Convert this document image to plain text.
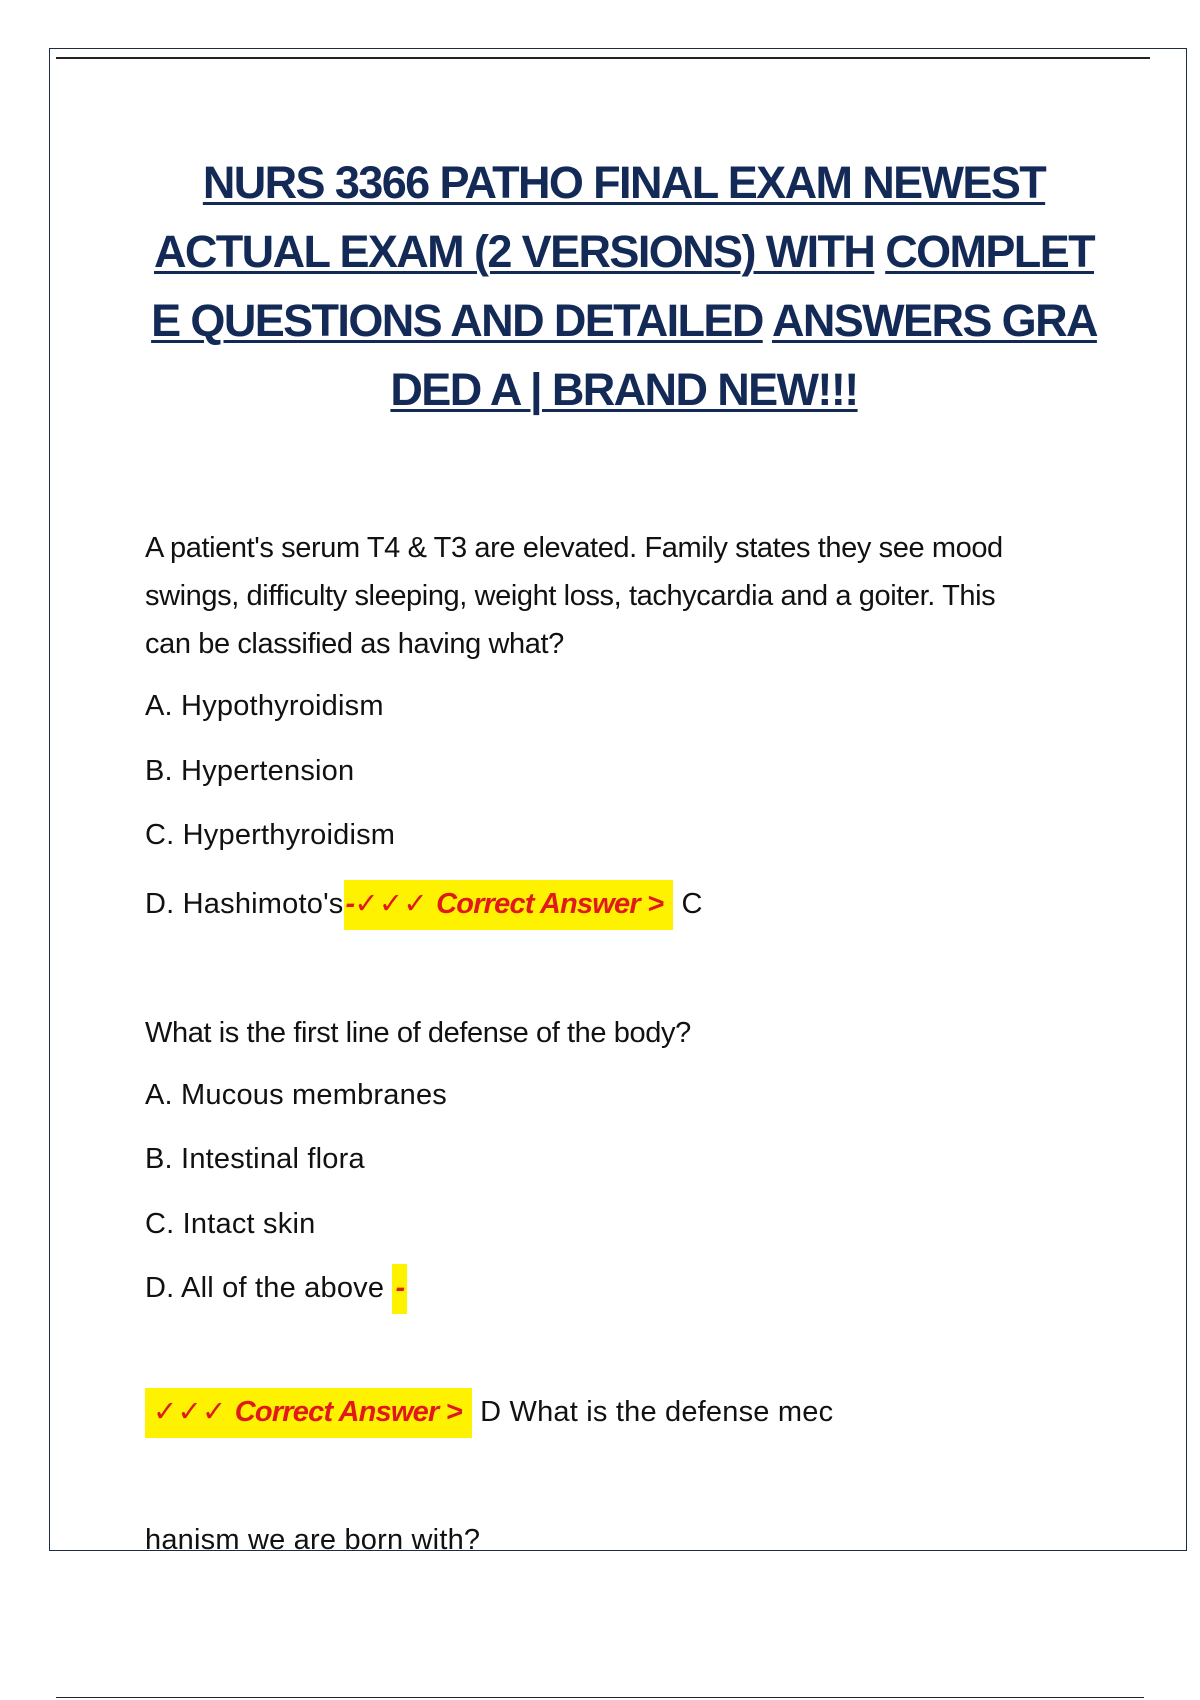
NURS 3366 PATHO FINAL EXAM NEWEST
ACTUAL EXAM (2 VERSIONS) WITH COMPLET
E QUESTIONS AND DETAILED ANSWERS GRA
DED A | BRAND NEW!!!

A patient's serum T4 & T3 are elevated. Family states they see mood

swings, difficulty sleeping, weight loss, tachycardia and a goiter. This

can be classified as having what?

A. Hypothyroidism

B. Hypertension

C. Hyperthyroidism

D. Hashimoto's-✓✓✓ Correct Answer > C

What is the first line of defense of the body?

A. Mucous membranes

B. Intestinal flora

C. Intact skin

D. All of the above -

✓✓✓ Correct Answer > D What is the defense mec

hanism we are born with?
